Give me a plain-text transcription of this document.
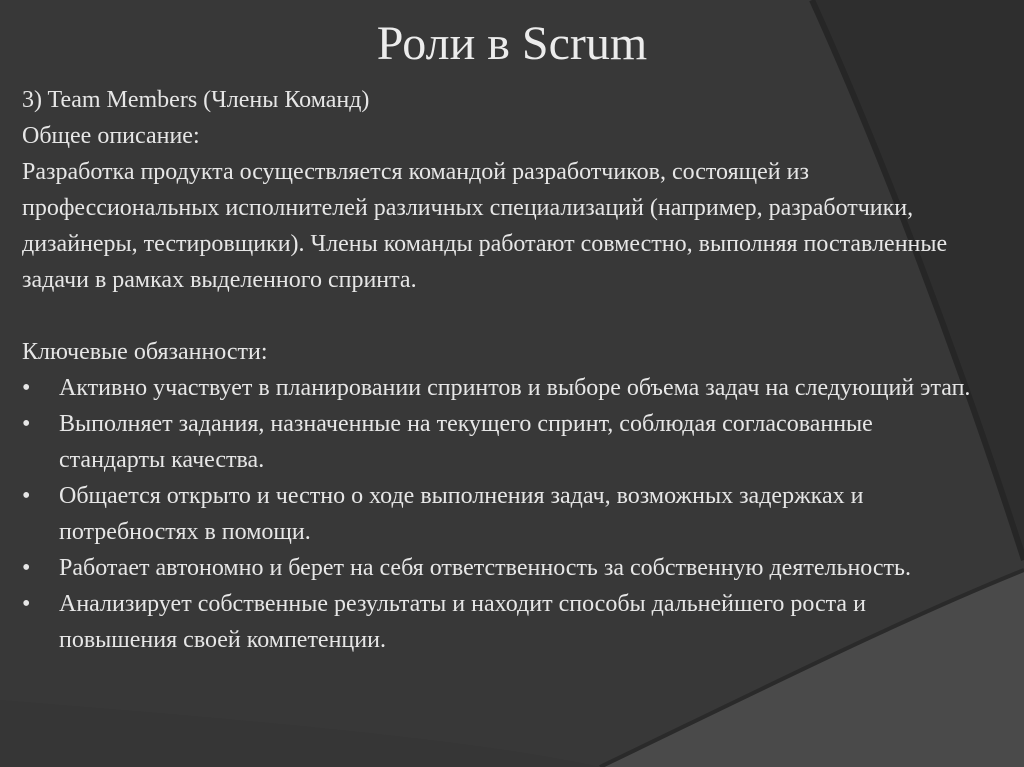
Роли в Scrum

3) Team Members (Члены Команд)

Общее описание:

Разработка продукта осуществляется командой разработчиков, состоящей из профессиональных исполнителей различных специализаций (например, разработчики, дизайнеры, тестировщики). Члены команды работают совместно, выполняя поставленные задачи в рамках выделенного спринта.

Ключевые обязанности:

•	Активно участвует в планировании спринтов и выборе объема задач на следующий этап.
•	Выполняет задания, назначенные на текущего спринт, соблюдая согласованные стандарты качества.
•	Общается открыто и честно о ходе выполнения задач, возможных задержках и потребностях в помощи.
•	Работает автономно и берет на себя ответственность за собственную деятельность.
•	Анализирует собственные результаты и находит способы дальнейшего роста и повышения своей компетенции.
